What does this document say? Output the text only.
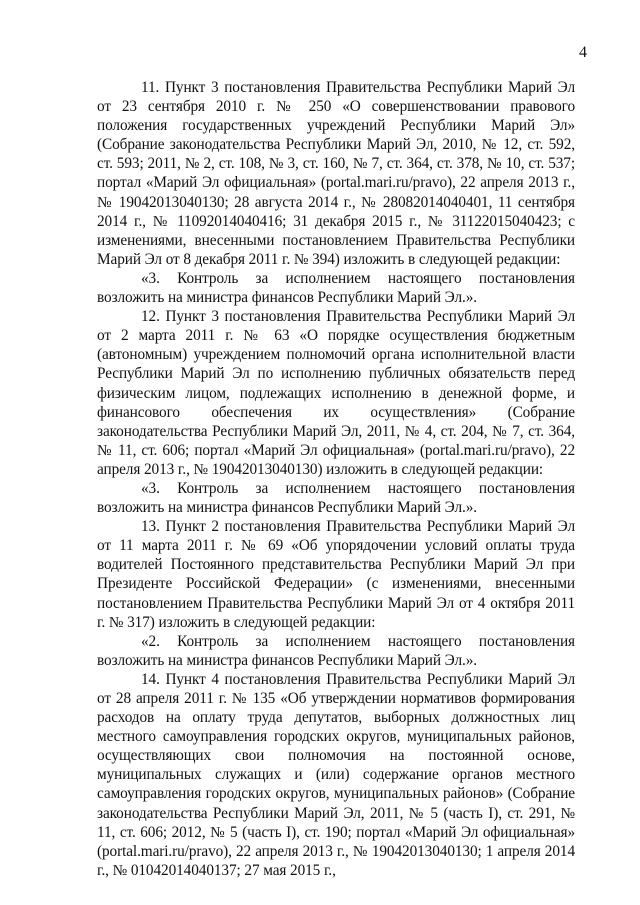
4

11. Пункт 3 постановления Правительства Республики Марий Эл от 23 сентября 2010 г. № 250 «О совершенствовании правового положения государственных учреждений Республики Марий Эл» (Собрание законодательства Республики Марий Эл, 2010, № 12, ст. 592, ст. 593; 2011, № 2, ст. 108, № 3, ст. 160, № 7, ст. 364, ст. 378, № 10, ст. 537; портал «Марий Эл официальная» (portal.mari.ru/pravo), 22 апреля 2013 г., № 19042013040130; 28 августа 2014 г., № 28082014040401, 11 сентября 2014 г., № 11092014040416; 31 декабря 2015 г., № 31122015040423; с изменениями, внесенными постановлением Правительства Республики Марий Эл от 8 декабря 2011 г. № 394) изложить в следующей редакции:

«3. Контроль за исполнением настоящего постановления возложить на министра финансов Республики Марий Эл.».

12. Пункт 3 постановления Правительства Республики Марий Эл от 2 марта 2011 г. № 63 «О порядке осуществления бюджетным (автономным) учреждением полномочий органа исполнительной власти Республики Марий Эл по исполнению публичных обязательств перед физическим лицом, подлежащих исполнению в денежной форме, и финансового обеспечения их осуществления» (Собрание законодательства Республики Марий Эл, 2011, № 4, ст. 204, № 7, ст. 364, № 11, ст. 606; портал «Марий Эл официальная» (portal.mari.ru/pravo), 22 апреля 2013 г., № 19042013040130) изложить в следующей редакции:

«3. Контроль за исполнением настоящего постановления возложить на министра финансов Республики Марий Эл.».

13. Пункт 2 постановления Правительства Республики Марий Эл от 11 марта 2011 г. № 69 «Об упорядочении условий оплаты труда водителей Постоянного представительства Республики Марий Эл при Президенте Российской Федерации» (с изменениями, внесенными постановлением Правительства Республики Марий Эл от 4 октября 2011 г. № 317) изложить в следующей редакции:

«2. Контроль за исполнением настоящего постановления возложить на министра финансов Республики Марий Эл.».

14. Пункт 4 постановления Правительства Республики Марий Эл от 28 апреля 2011 г. № 135 «Об утверждении нормативов формирования расходов на оплату труда депутатов, выборных должностных лиц местного самоуправления городских округов, муниципальных районов, осуществляющих свои полномочия на постоянной основе, муниципальных служащих и (или) содержание органов местного самоуправления городских округов, муниципальных районов» (Собрание законодательства Республики Марий Эл, 2011, № 5 (часть I), ст. 291, № 11, ст. 606; 2012, № 5 (часть I), ст. 190; портал «Марий Эл официальная» (portal.mari.ru/pravo), 22 апреля 2013 г., № 19042013040130; 1 апреля 2014 г., № 01042014040137; 27 мая 2015 г.,
